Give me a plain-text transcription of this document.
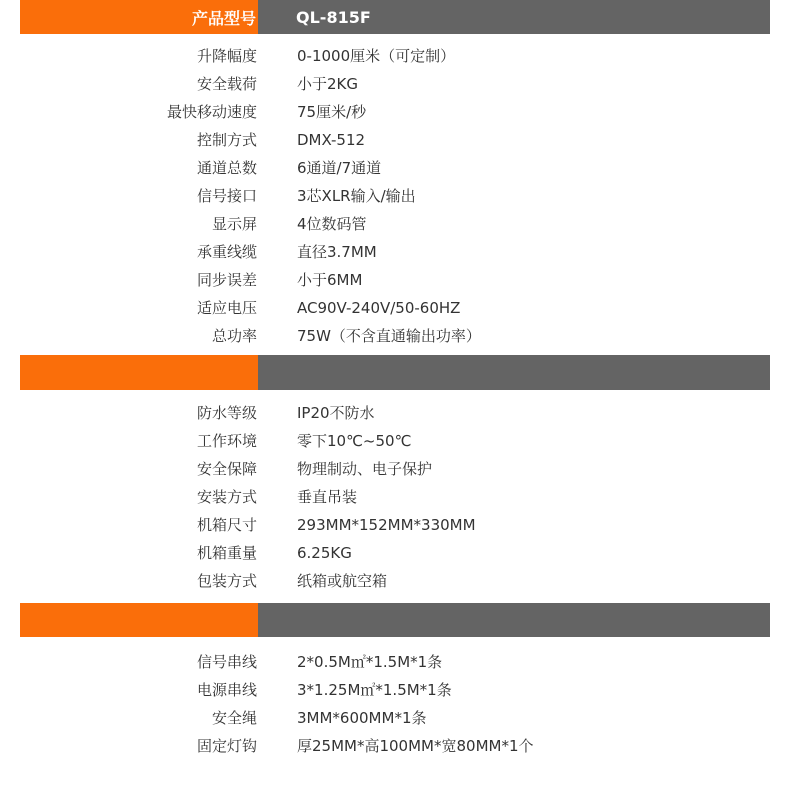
产品型号	QL-815F
升降幅度	0-1000厘米（可定制）
安全载荷	小于2KG
最快移动速度	75厘米/秒
控制方式	DMX-512
通道总数	6通道/7通道
信号接口	3芯XLR输入/输出
显示屏	4位数码管
承重线缆	直径3.7MM
同步误差	小于6MM
适应电压	AC90V-240V/50-60HZ
总功率	75W（不含直通输出功率）
防水等级	IP20不防水
工作环境	零下10℃~50℃
安全保障	物理制动、电子保护
安装方式	垂直吊装
机箱尺寸	293MM*152MM*330MM
机箱重量	6.25KG
包装方式	纸箱或航空箱
信号串线	2*0.5M㎡*1.5M*1条
电源串线	3*1.25M㎡*1.5M*1条
安全绳	3MM*600MM*1条
固定灯钩	厚25MM*高100MM*宽80MM*1个
